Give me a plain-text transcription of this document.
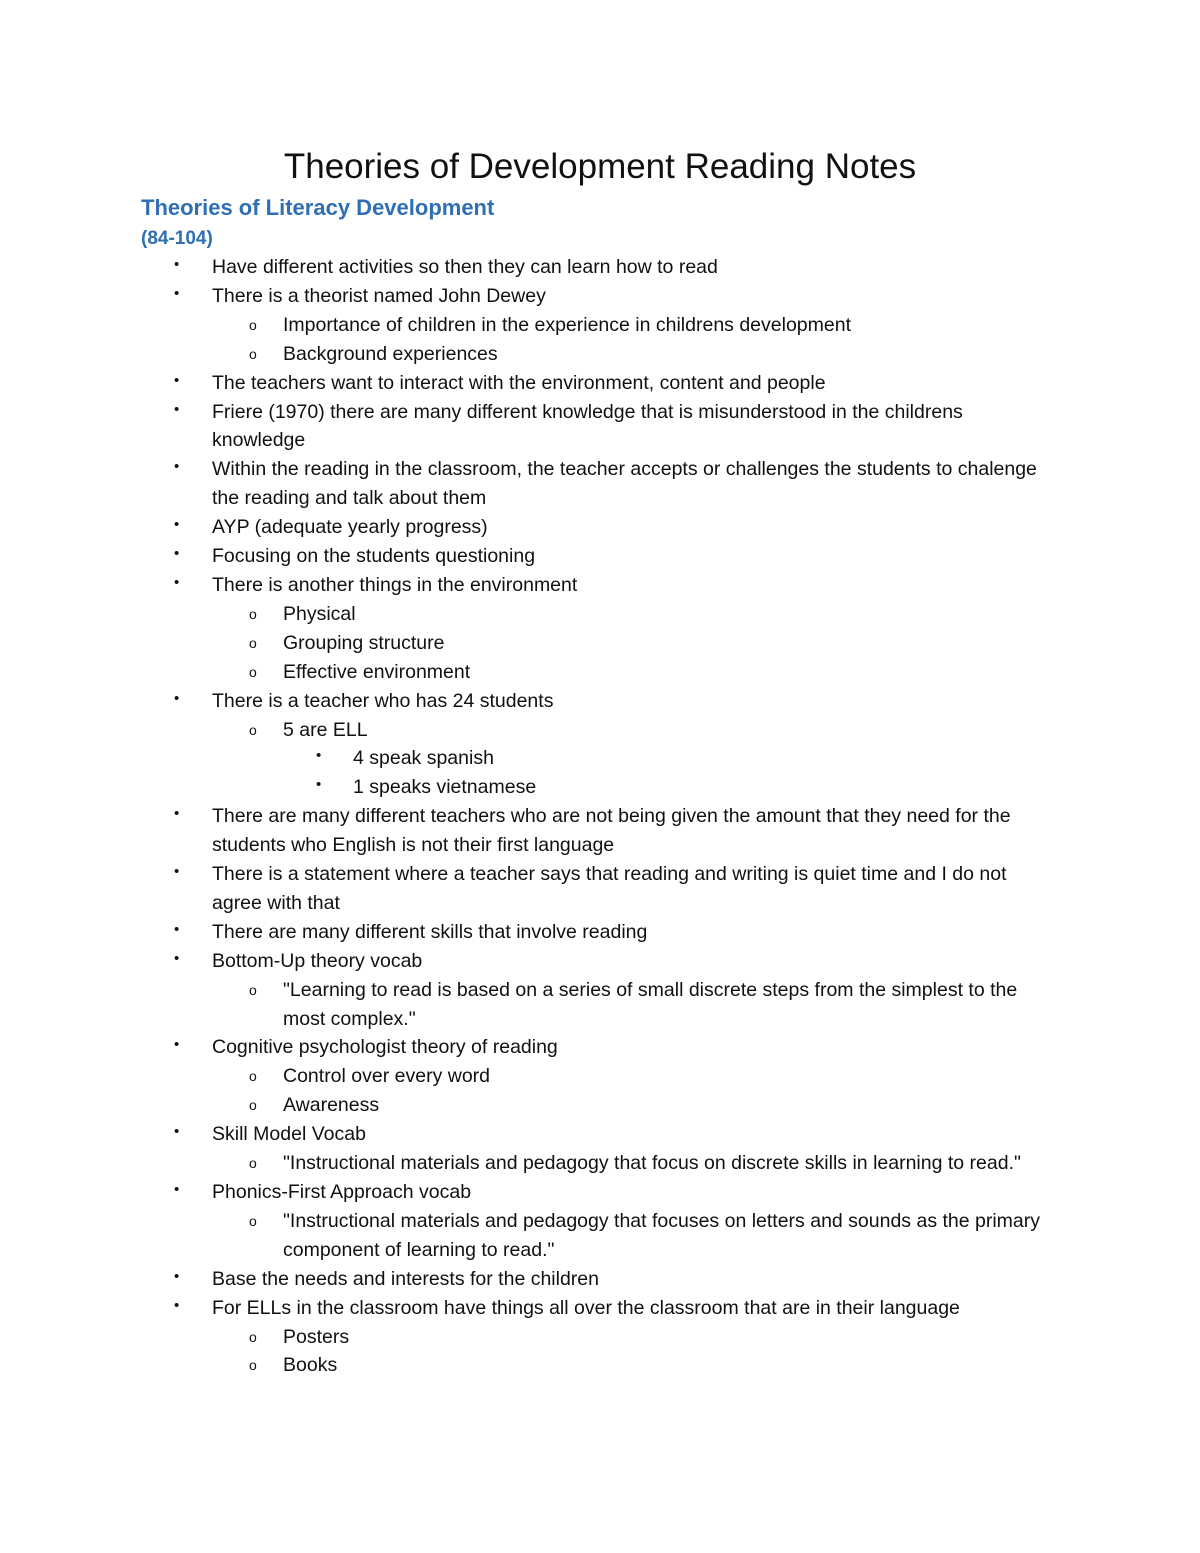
Theories of Development Reading Notes
Theories of Literacy Development
(84-104)
• Have different activities so then they can learn how to read
• There is a theorist named John Dewey
o Importance of children in the experience in childrens development
o Background experiences
• The teachers want to interact with the environment, content and people
• Friere (1970) there are many different knowledge that is misunderstood in the childrens knowledge
• Within the reading in the classroom, the teacher accepts or challenges the students to chalenge the reading and talk about them
• AYP (adequate yearly progress)
• Focusing on the students questioning
• There is another things in the environment
o Physical
o Grouping structure
o Effective environment
• There is a teacher who has 24 students
o 5 are ELL
• 4 speak spanish
• 1 speaks vietnamese
• There are many different teachers who are not being given the amount that they need for the students who English is not their first language
• There is a statement where a teacher says that reading and writing is quiet time and I do not agree with that
• There are many different skills that involve reading
• Bottom-Up theory vocab
o "Learning to read is based on a series of small discrete steps from the simplest to the most complex."
• Cognitive psychologist theory of reading
o Control over every word
o Awareness
• Skill Model Vocab
o "Instructional materials and pedagogy that focus on discrete skills in learning to read."
• Phonics-First Approach vocab
o "Instructional materials and pedagogy that focuses on letters and sounds as the primary component of learning to read."
• Base the needs and interests for the children
• For ELLs in the classroom have things all over the classroom that are in their language
o Posters
o Books
